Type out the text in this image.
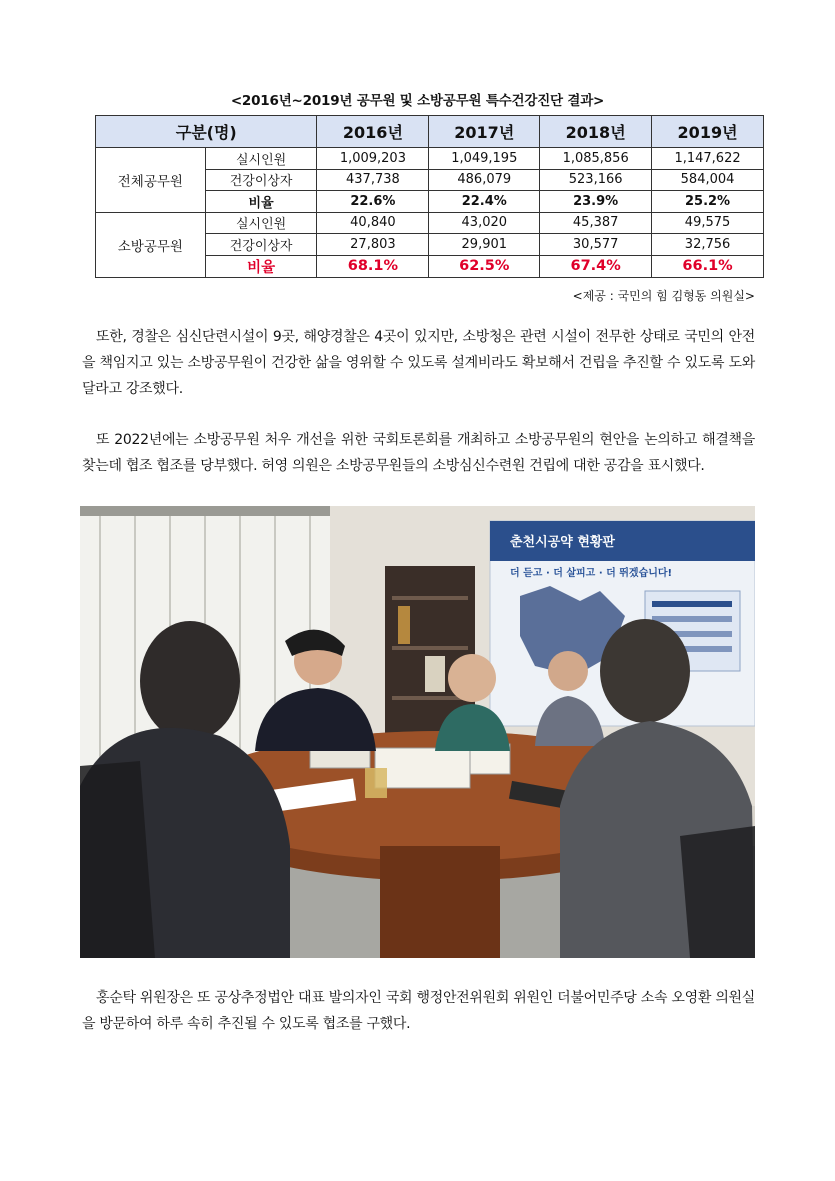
<2016년~2019년 공무원 및 소방공무원 특수건강진단 결과>
구분(명)		2016년	2017년	2018년	2019년
전체공무원	실시인원	1,009,203	1,049,195	1,085,856	1,147,622
	건강이상자	437,738	486,079	523,166	584,004
	비율	22.6%	22.4%	23.9%	25.2%
소방공무원	실시인원	40,840	43,020	45,387	49,575
	건강이상자	27,803	29,901	30,577	32,756
	비율	68.1%	62.5%	67.4%	66.1%
<제공 : 국민의 힘 김형동 의원실>

또한, 경찰은 심신단련시설이 9곳, 해양경찰은 4곳이 있지만, 소방청은 관련 시설이 전무한 상태로 국민의 안전을 책임지고 있는 소방공무원이 건강한 삶을 영위할 수 있도록 설계비라도 확보해서 건립을 추진할 수 있도록 도와달라고 강조했다.

또 2022년에는 소방공무원 처우 개선을 위한 국회토론회를 개최하고 소방공무원의 현안을 논의하고 해결책을 찾는데 협조 협조를 당부했다. 허영 의원은 소방공무원들의 소방심신수련원 건립에 대한 공감을 표시했다.

춘천시공약 현황판
더 듣고 · 더 살피고 · 더 뛰겠습니다!

홍순탁 위원장은 또 공상추정법안 대표 발의자인 국회 행정안전위원회 위원인 더불어민주당 소속 오영환 의원실을 방문하여 하루 속히 추진될 수 있도록 협조를 구했다.
